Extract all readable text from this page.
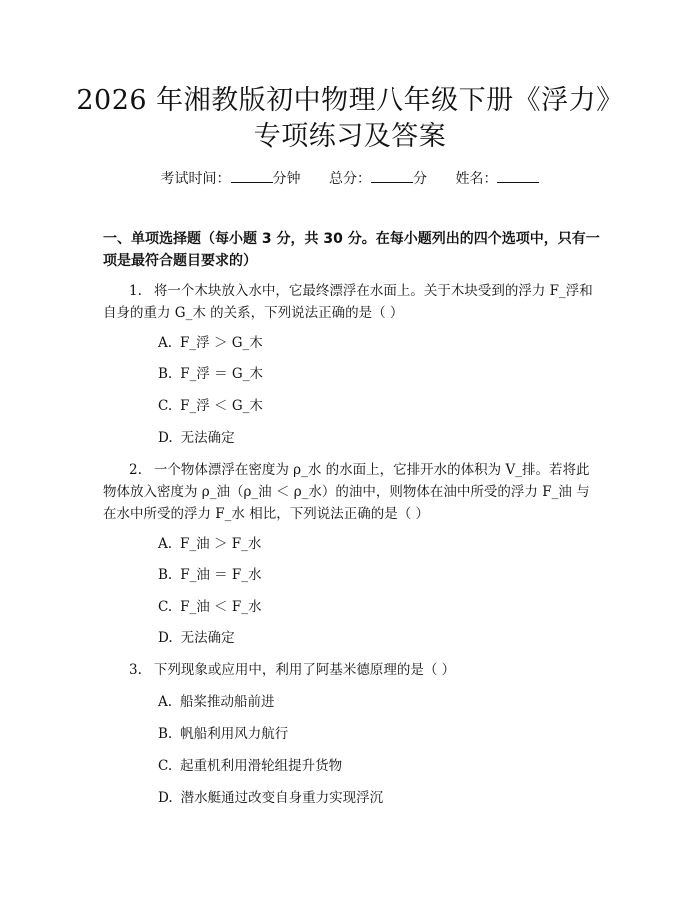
2026 年湘教版初中物理八年级下册《浮力》
专项练习及答案
考试时间：	分钟 总分：	分 姓名：
一、单项选择题（每小题 3 分，共 30 分。在每小题列出的四个选项中，只有一项是最符合题目要求的）
1. 将一个木块放入水中，它最终漂浮在水面上。关于木块受到的浮力 F_浮和自身的重力 G_木 的关系，下列说法正确的是（ ）
A. F_浮 ＞ G_木
B. F_浮 ＝ G_木
C. F_浮 ＜ G_木
D. 无法确定
2. 一个物体漂浮在密度为 ρ_水 的水面上，它排开水的体积为 V_排。若将此物体放入密度为 ρ_油（ρ_油 ＜ ρ_水）的油中，则物体在油中所受的浮力 F_油 与在水中所受的浮力 F_水 相比，下列说法正确的是（ ）
A. F_油 ＞ F_水
B. F_油 ＝ F_水
C. F_油 ＜ F_水
D. 无法确定
3. 下列现象或应用中，利用了阿基米德原理的是（ ）
A. 船桨推动船前进
B. 帆船利用风力航行
C. 起重机利用滑轮组提升货物
D. 潜水艇通过改变自身重力实现浮沉
